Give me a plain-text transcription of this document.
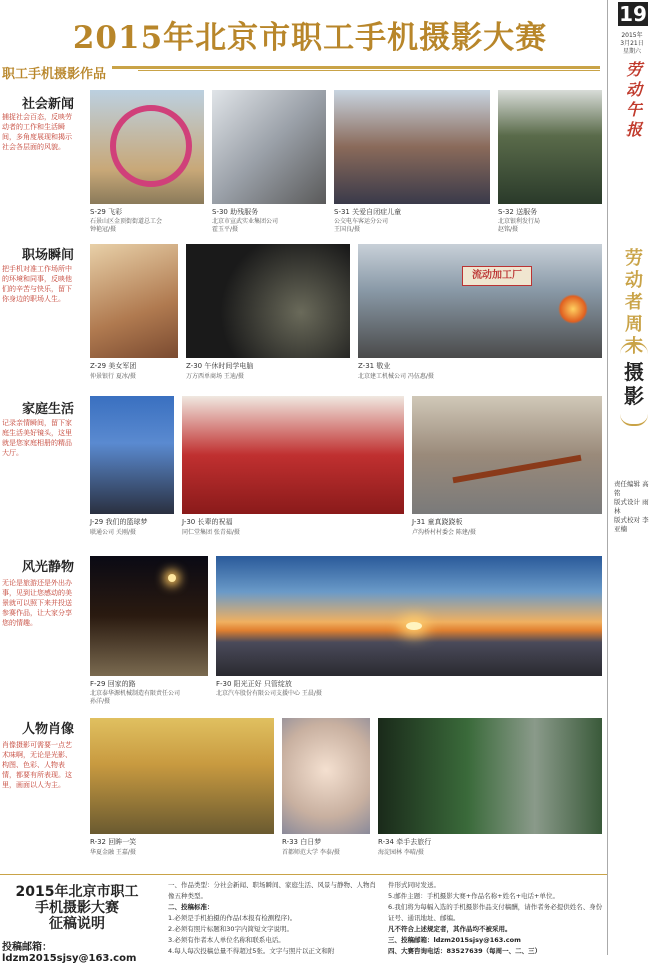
2015年北京市职工手机摄影大赛
职工手机摄影作品
19
2015年
3月21日
星期六
劳动午报
劳动者周末
摄影
责任编辑 高铭
版式设计 雨林
版式校对 李亚楠
社会新闻
捕捉社会百态，反映劳动者的工作和生活瞬间，多角度展现和揭示社会各层面的风貌。
职场瞬间
把手机对准工作场所中的环境和同事，反映他们的辛苦与快乐，留下你身边的职场人生。
家庭生活
记录亲情瞬间，留下家庭生活美好镜头，这里就是您家庭相册的精品大厅。
风光静物
无论是旅游还是外出办事，见到让您感动的美景就可以照下来并投送参赛作品，让大家分享您的情趣。
人物肖像
肖像摄影可需要一点艺术味啊，无论是光影、构图、色彩、人物表情，都要有所表现。这里，画面以人为主。
S-29 飞彩
石景山区金顶街街道总工会
钟艳冠/摄
S-30 助残服务
北京市宣武实业集团公司
霍玉平/摄
S-31 关爱自闭症儿童
公交电车客运分公司
王国良/摄
S-32 送服务
北京银利发行局
赵铭/摄
Z-29 美女军团
仲景银行 夏冰/摄
Z-30 午休时间学电脑
万方西单商场 王迪/摄
流动加工厂
Z-31 敬业
北京建工机械公司 冯伍惠/摄
J-29 我们的篮球梦
联通公司 关刚/摄
J-30 长辈的祝福
同仁堂集团 张青茹/摄
J-31 童真跷跷板
卢沟桥村村委会 陈建/摄
F-29 回家的路
北京泰华源机械制造有限责任公司
孙洋/摄
F-30 阳光正好 只管绽放
北京汽车股份有限公司支援中心 王晨/摄
R-32 回眸一笑
华夏金融 王嘉/摄
R-33 白日梦
首都师范大学 李泰/摄
R-34 牵手去旅行
海淀园林 李晴/摄
2015年北京市职工
手机摄影大赛
征稿说明
投稿邮箱：ldzm2015sjsy@163.com
一、作品类型：分社会新闻、职场瞬间、家庭生活、风景与静物、人物肖像五种类型。
二、投稿标准：
1.必须是手机拍摄的作品(本报有检测程序)。
2.必须有照片标题和30字内简短文字说明。
3.必须有作者本人单位名称和联系电话。
4.每人每次投稿总量不得超过5张。文字与照片以正文和附
件形式同时发送。
5.邮件主题：手机摄影大赛+作品名称+姓名+电话+单位。
6.我们将为每幅入选的手机摄影作品支付稿酬，请作者务必提供姓名、身份证号、通讯地址、邮编。
凡不符合上述规定者，其作品均不被采用。
三、投稿邮箱：ldzm2015sjsy@163.com
四、大赛咨询电话：83527639（每周一、二、三）
